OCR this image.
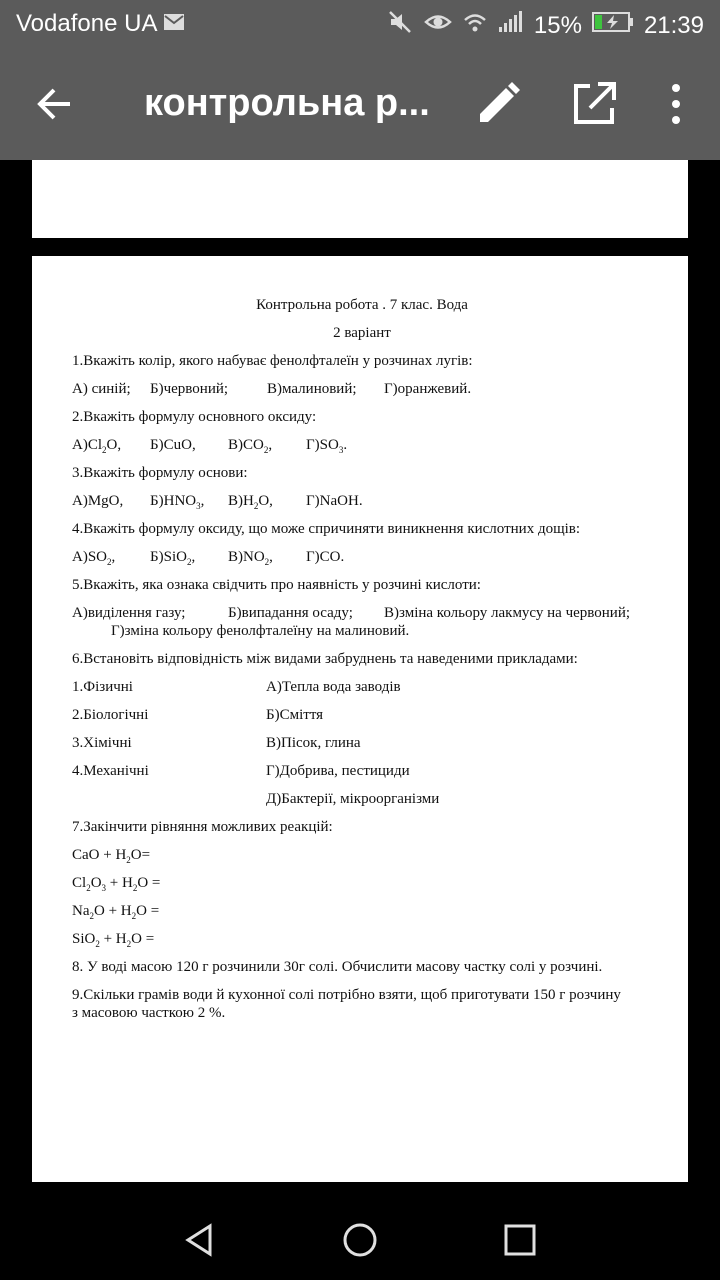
Vodafone UA	15%	21:39
контрольна р...
Контрольна робота . 7 клас. Вода
2 варіант
1.Вкажіть колір, якого набуває фенолфталеїн у розчинах лугів:
А) синій; Б)червоний;	В)малиновий; Г)оранжевий.
2.Вкажіть формулу основного оксиду:
$А)Cl_2O$, Б)CuO, $В)CO_2$, $Г)SO_3$.
3.Вкажіть формулу основи:
А)MgO, $Б)HNO_3$, $В)H_2O$, Г)NaOH.
4.Вкажіть формулу оксиду, що може спричиняти виникнення кислотних дощів:
$А)SO_2$, Б)SiO$_2$, $В)NO_2$, Г)CO.
5.Вкажіть, яка ознака свідчить про наявність у розчині кислоти:
А)виділення газу;	Б)випадання осаду; В)зміна кольору лакмусу на червоний;
Г)зміна кольору фенолфталеїну на малиновий.
6.Встановіть відповідність між видами забруднень та наведеними прикладами:
1.Фізичні	А)Тепла вода заводів
2.Біологічні	Б)Сміття
3.Хімічні	В)Пісок, глина
4.Механічні	Г)Добрива, пестициди
Д)Бактерії, мікроорганізми
7.Закінчити рівняння можливих реакцій:
CaO + $H_2O=$
$Cl_2O_3 + H_2O$ =
$Na_2O + H_2O$ =
$SiO_2 + H_2O$ =
8. У воді масою 120 г розчинили 30г солі. Обчислити масову частку солі у розчині.
9.Скільки грамів води й кухонної солі потрібно взяти, щоб приготувати 150 г розчину
з масовою часткою 2 %.
